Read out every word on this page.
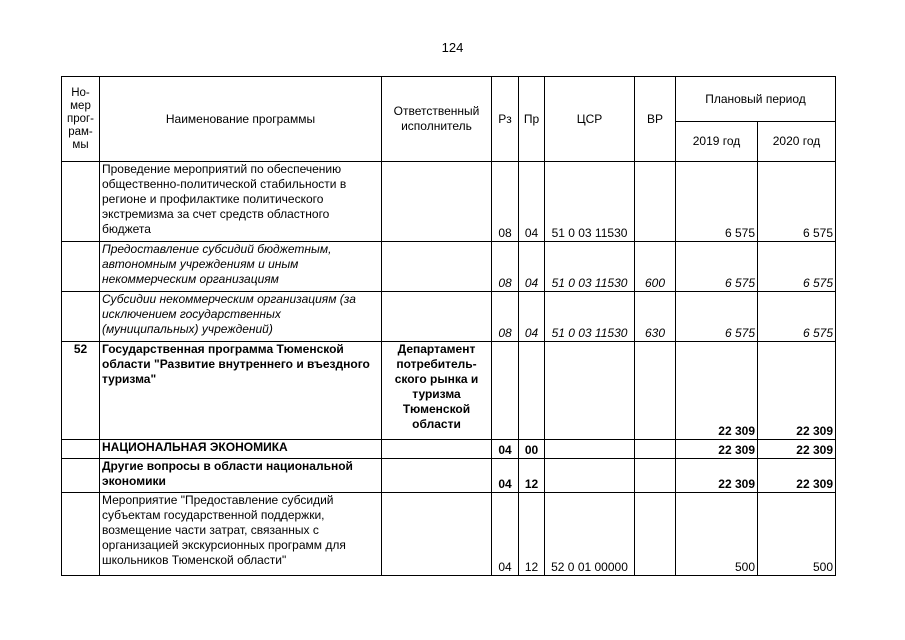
124
Но-
мер
прог-
рам-
мы	Наименование программы	Ответственный исполнитель	Рз	Пр	ЦСР	ВР	Плановый период	
							2019 год	2020 год
	Проведение мероприятий по обеспечению общественно-политической стабильности в регионе и профилактике политического экстремизма за счет средств областного бюджета		08	04	51 0 03 11530		6 575	6 575
	Предоставление субсидий бюджетным, автономным учреждениям и иным некоммерческим организациям		08	04	51 0 03 11530	600	6 575	6 575
	Субсидии некоммерческим организациям (за исключением государственных (муниципальных) учреждений)		08	04	51 0 03 11530	630	6 575	6 575
52	Государственная программа Тюменской области "Развитие внутреннего и въездного туризма"	Департамент потребитель-ского рынка и туризма Тюменской области					22 309	22 309
	НАЦИОНАЛЬНАЯ ЭКОНОМИКА		04	00			22 309	22 309
	Другие вопросы в области национальной экономики		04	12			22 309	22 309
	Мероприятие "Предоставление субсидий субъектам государственной поддержки, возмещение части затрат, связанных с организацией экскурсионных программ для школьников Тюменской области"		04	12	52 0 01 00000		500	500
